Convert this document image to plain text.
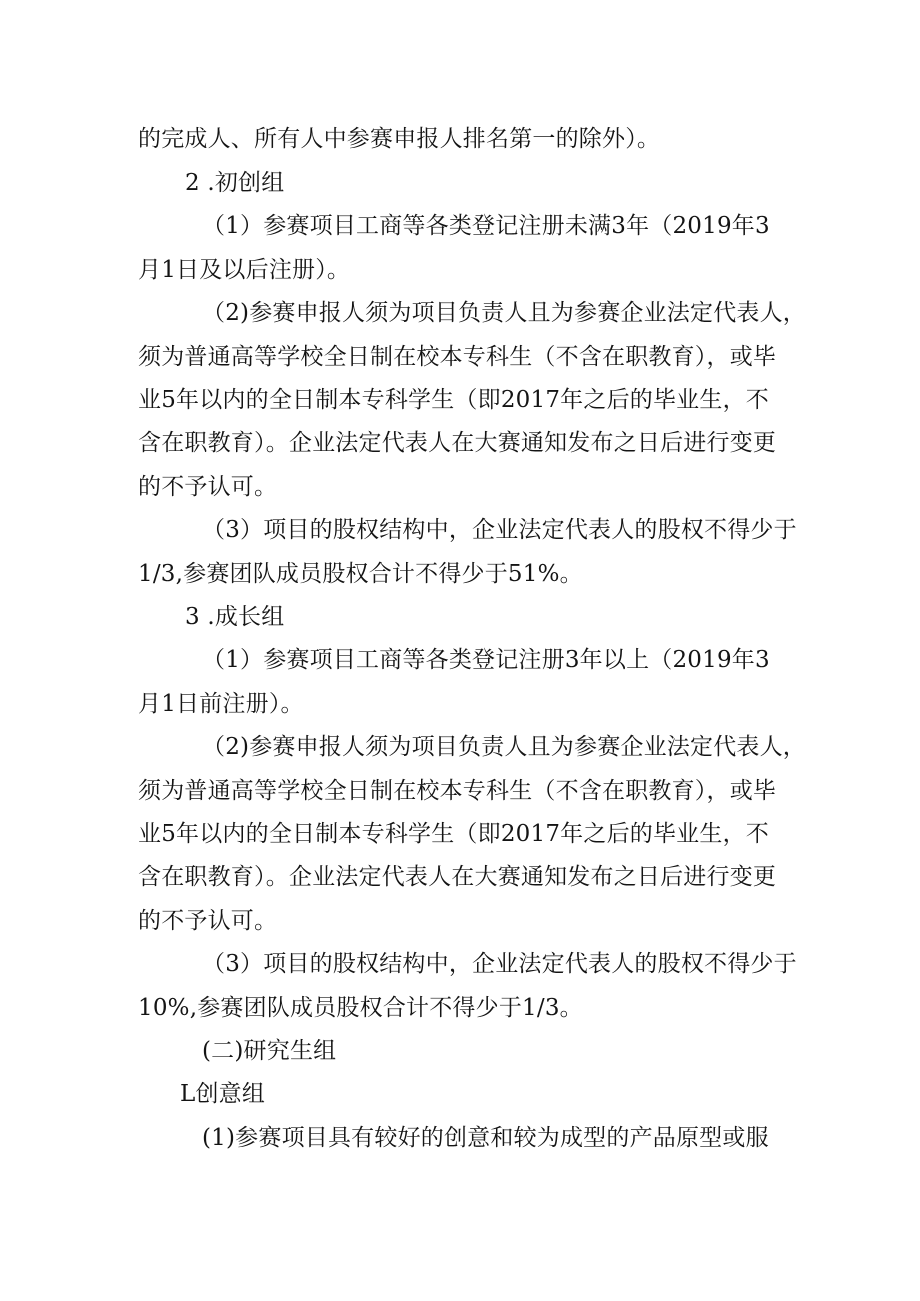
的完成人、所有人中参赛申报人排名第一的除外）。
2 .初创组
（1）参赛项目工商等各类登记注册未满3年（2019年3
月1日及以后注册）。
（2)参赛申报人须为项目负责人且为参赛企业法定代表人，
须为普通高等学校全日制在校本专科生（不含在职教育），或毕
业5年以内的全日制本专科学生（即2017年之后的毕业生，不
含在职教育）。企业法定代表人在大赛通知发布之日后进行变更
的不予认可。
（3）项目的股权结构中，企业法定代表人的股权不得少于
1/3,参赛团队成员股权合计不得少于51%。
3 .成长组
（1）参赛项目工商等各类登记注册3年以上（2019年3
月1日前注册）。
（2)参赛申报人须为项目负责人且为参赛企业法定代表人，
须为普通高等学校全日制在校本专科生（不含在职教育），或毕
业5年以内的全日制本专科学生（即2017年之后的毕业生，不
含在职教育）。企业法定代表人在大赛通知发布之日后进行变更
的不予认可。
（3）项目的股权结构中，企业法定代表人的股权不得少于
10%,参赛团队成员股权合计不得少于1/3。
(二)研究生组
L创意组
(1)参赛项目具有较好的创意和较为成型的产品原型或服
